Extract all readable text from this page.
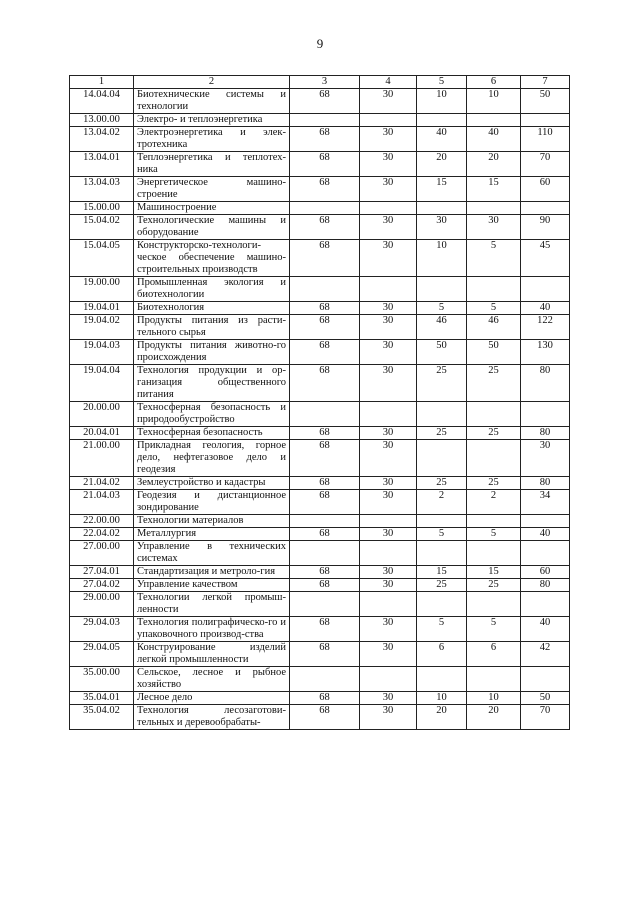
9
1	2	3	4	5	6	7
14.04.04	Биотехнические системы и технологии	68	30	10	10	50
13.00.00	Электро- и теплоэнергетика					
13.04.02	Электроэнергетика и элек-тротехника	68	30	40	40	110
13.04.01	Теплоэнергетика и теплотех-ника	68	30	20	20	70
13.04.03	Энергетическое машино-строение	68	30	15	15	60
15.00.00	Машиностроение					
15.04.02	Технологические машины и оборудование	68	30	30	30	90
15.04.05	Конструкторско-технологи-ческое обеспечение машино-строительных производств	68	30	10	5	45
19.00.00	Промышленная экология и биотехнологии					
19.04.01	Биотехнология	68	30	5	5	40
19.04.02	Продукты питания из расти-тельного сырья	68	30	46	46	122
19.04.03	Продукты питания животно-го происхождения	68	30	50	50	130
19.04.04	Технология продукции и ор-ганизация общественного питания	68	30	25	25	80
20.00.00	Техносферная безопасность и природообустройство					
20.04.01	Техносферная безопасность	68	30	25	25	80
21.00.00	Прикладная геология, горное дело, нефтегазовое дело и геодезия	68	30			30
21.04.02	Землеустройство и кадастры	68	30	25	25	80
21.04.03	Геодезия и дистанционное зондирование	68	30	2	2	34
22.00.00	Технологии материалов					
22.04.02	Металлургия	68	30	5	5	40
27.00.00	Управление в технических системах					
27.04.01	Стандартизация и метроло-гия	68	30	15	15	60
27.04.02	Управление качеством	68	30	25	25	80
29.00.00	Технологии легкой промыш-ленности					
29.04.03	Технология полиграфическо-го и упаковочного производ-ства	68	30	5	5	40
29.04.05	Конструирование изделий легкой промышленности	68	30	6	6	42
35.00.00	Сельское, лесное и рыбное хозяйство					
35.04.01	Лесное дело	68	30	10	10	50
35.04.02	Технология лесозаготови-тельных и деревообрабаты-	68	30	20	20	70
